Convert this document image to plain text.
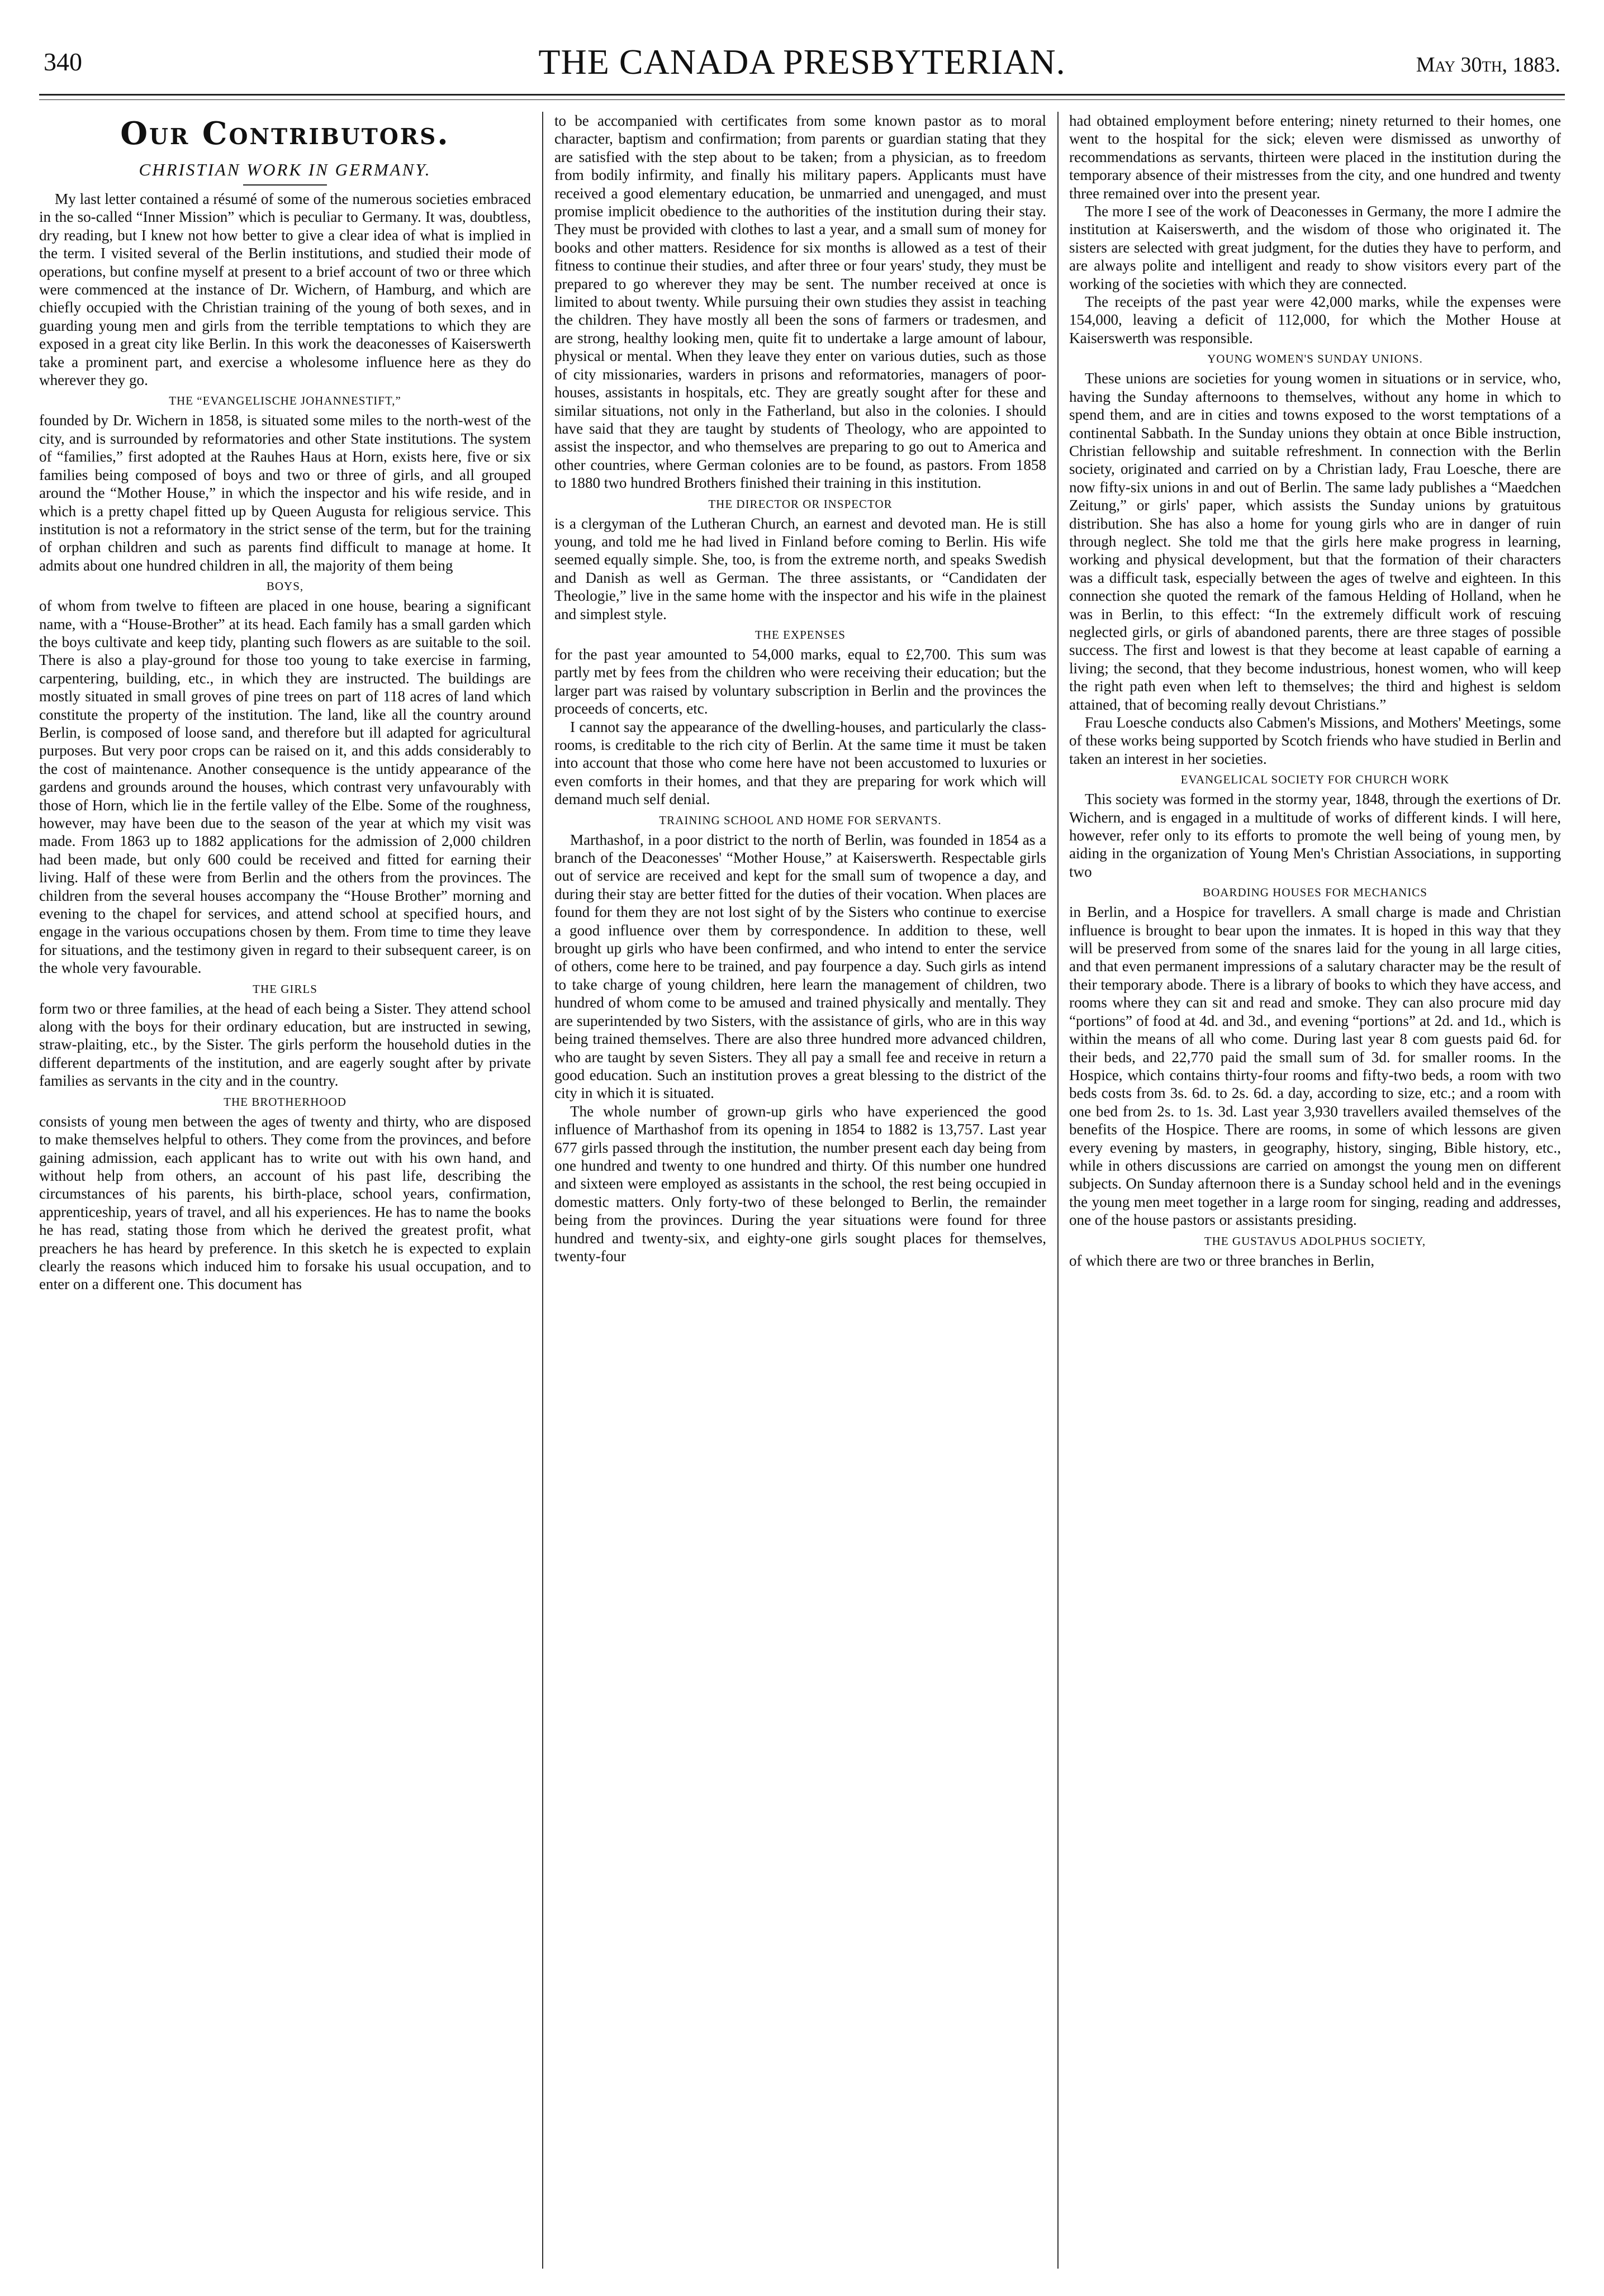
340	THE CANADA PRESBYTERIAN.	May 30th, 1883.
Our Contributors.
CHRISTIAN WORK IN GERMANY.

My last letter contained a résumé of some of the numerous societies embraced in the so-called “Inner Mission” which is peculiar to Germany. It was, doubtless, dry reading, but I knew not how better to give a clear idea of what is implied in the term. I visited several of the Berlin institutions, and studied their mode of operations, but confine myself at present to a brief account of two or three which were commenced at the instance of Dr. Wichern, of Hamburg, and which are chiefly occupied with the Christian training of the young of both sexes, and in guarding young men and girls from the terrible temptations to which they are exposed in a great city like Berlin. In this work the deaconesses of Kaiserswerth take a prominent part, and exercise a wholesome influence here as they do wherever they go.

THE “EVANGELISCHE JOHANNESTIFT,”

founded by Dr. Wichern in 1858, is situated some miles to the north-west of the city, and is surrounded by reformatories and other State institutions. The system of “families,” first adopted at the Rauhes Haus at Horn, exists here, five or six families being composed of boys and two or three of girls, and all grouped around the “Mother House,” in which the inspector and his wife reside, and in which is a pretty chapel fitted up by Queen Augusta for religious service. This institution is not a reformatory in the strict sense of the term, but for the training of orphan children and such as parents find difficult to manage at home. It admits about one hundred children in all, the majority of them being

BOYS,

of whom from twelve to fifteen are placed in one house, bearing a significant name, with a “House-Brother” at its head. Each family has a small garden which the boys cultivate and keep tidy, planting such flowers as are suitable to the soil. There is also a play-ground for those too young to take exercise in farming, carpentering, building, etc., in which they are instructed. The buildings are mostly situated in small groves of pine trees on part of 118 acres of land which constitute the property of the institution. The land, like all the country around Berlin, is composed of loose sand, and therefore but ill adapted for agricultural purposes. But very poor crops can be raised on it, and this adds considerably to the cost of maintenance. Another consequence is the untidy appearance of the gardens and grounds around the houses, which contrast very unfavourably with those of Horn, which lie in the fertile valley of the Elbe. Some of the roughness, however, may have been due to the season of the year at which my visit was made. From 1863 up to 1882 applications for the admission of 2,000 children had been made, but only 600 could be received and fitted for earning their living. Half of these were from Berlin and the others from the provinces. The children from the several houses accompany the “House Brother” morning and evening to the chapel for services, and attend school at specified hours, and engage in the various occupations chosen by them. From time to time they leave for situations, and the testimony given in regard to their subsequent career, is on the whole very favourable.

THE GIRLS

form two or three families, at the head of each being a Sister. They attend school along with the boys for their ordinary education, but are instructed in sewing, straw-plaiting, etc., by the Sister. The girls perform the household duties in the different departments of the institution, and are eagerly sought after by private families as servants in the city and in the country.

THE BROTHERHOOD

consists of young men between the ages of twenty and thirty, who are disposed to make themselves helpful to others. They come from the provinces, and before gaining admission, each applicant has to write out with his own hand, and without help from others, an account of his past life, describing the circumstances of his parents, his birth-place, school years, confirmation, apprenticeship, years of travel, and all his experiences. He has to name the books he has read, stating those from which he derived the greatest profit, what preachers he has heard by preference. In this sketch he is expected to explain clearly the reasons which induced him to forsake his usual occupation, and to enter on a different one. This document has

to be accompanied with certificates from some known pastor as to moral character, baptism and confirmation; from parents or guardian stating that they are satisfied with the step about to be taken; from a physician, as to freedom from bodily infirmity, and finally his military papers. Applicants must have received a good elementary education, be unmarried and unengaged, and must promise implicit obedience to the authorities of the institution during their stay. They must be provided with clothes to last a year, and a small sum of money for books and other matters. Residence for six months is allowed as a test of their fitness to continue their studies, and after three or four years' study, they must be prepared to go wherever they may be sent. The number received at once is limited to about twenty. While pursuing their own studies they assist in teaching the children. They have mostly all been the sons of farmers or tradesmen, and are strong, healthy looking men, quite fit to undertake a large amount of labour, physical or mental. When they leave they enter on various duties, such as those of city missionaries, warders in prisons and reformatories, managers of poor-houses, assistants in hospitals, etc. They are greatly sought after for these and similar situations, not only in the Fatherland, but also in the colonies. I should have said that they are taught by students of Theology, who are appointed to assist the inspector, and who themselves are preparing to go out to America and other countries, where German colonies are to be found, as pastors. From 1858 to 1880 two hundred Brothers finished their training in this institution.

THE DIRECTOR OR INSPECTOR

is a clergyman of the Lutheran Church, an earnest and devoted man. He is still young, and told me he had lived in Finland before coming to Berlin. His wife seemed equally simple. She, too, is from the extreme north, and speaks Swedish and Danish as well as German. The three assistants, or “Candidaten der Theologie,” live in the same home with the inspector and his wife in the plainest and simplest style.

THE EXPENSES

for the past year amounted to 54,000 marks, equal to £2,700. This sum was partly met by fees from the children who were receiving their education; but the larger part was raised by voluntary subscription in Berlin and the provinces the proceeds of concerts, etc.

I cannot say the appearance of the dwelling-houses, and particularly the class-rooms, is creditable to the rich city of Berlin. At the same time it must be taken into account that those who come here have not been accustomed to luxuries or even comforts in their homes, and that they are preparing for work which will demand much self denial.

TRAINING SCHOOL AND HOME FOR SERVANTS.

Marthashof, in a poor district to the north of Berlin, was founded in 1854 as a branch of the Deaconesses' “Mother House,” at Kaiserswerth. Respectable girls out of service are received and kept for the small sum of twopence a day, and during their stay are better fitted for the duties of their vocation. When places are found for them they are not lost sight of by the Sisters who continue to exercise a good influence over them by correspondence. In addition to these, well brought up girls who have been confirmed, and who intend to enter the service of others, come here to be trained, and pay fourpence a day. Such girls as intend to take charge of young children, here learn the management of children, two hundred of whom come to be amused and trained physically and mentally. They are superintended by two Sisters, with the assistance of girls, who are in this way being trained themselves. There are also three hundred more advanced children, who are taught by seven Sisters. They all pay a small fee and receive in return a good education. Such an institution proves a great blessing to the district of the city in which it is situated.

The whole number of grown-up girls who have experienced the good influence of Marthashof from its opening in 1854 to 1882 is 13,757. Last year 677 girls passed through the institution, the number present each day being from one hundred and twenty to one hundred and thirty. Of this number one hundred and sixteen were employed as assistants in the school, the rest being occupied in domestic matters. Only forty-two of these belonged to Berlin, the remainder being from the provinces. During the year situations were found for three hundred and twenty-six, and eighty-one girls sought places for themselves, twenty-four

had obtained employment before entering; ninety returned to their homes, one went to the hospital for the sick; eleven were dismissed as unworthy of recommendations as servants, thirteen were placed in the institution during the temporary absence of their mistresses from the city, and one hundred and twenty three remained over into the present year.

The more I see of the work of Deaconesses in Germany, the more I admire the institution at Kaiserswerth, and the wisdom of those who originated it. The sisters are selected with great judgment, for the duties they have to perform, and are always polite and intelligent and ready to show visitors every part of the working of the societies with which they are connected.

The receipts of the past year were 42,000 marks, while the expenses were 154,000, leaving a deficit of 112,000, for which the Mother House at Kaiserswerth was responsible.

YOUNG WOMEN'S SUNDAY UNIONS.

These unions are societies for young women in situations or in service, who, having the Sunday afternoons to themselves, without any home in which to spend them, and are in cities and towns exposed to the worst temptations of a continental Sabbath. In the Sunday unions they obtain at once Bible instruction, Christian fellowship and suitable refreshment. In connection with the Berlin society, originated and carried on by a Christian lady, Frau Loesche, there are now fifty-six unions in and out of Berlin. The same lady publishes a “Maedchen Zeitung,” or girls' paper, which assists the Sunday unions by gratuitous distribution. She has also a home for young girls who are in danger of ruin through neglect. She told me that the girls here make progress in learning, working and physical development, but that the formation of their characters was a difficult task, especially between the ages of twelve and eighteen. In this connection she quoted the remark of the famous Helding of Holland, when he was in Berlin, to this effect: “In the extremely difficult work of rescuing neglected girls, or girls of abandoned parents, there are three stages of possible success. The first and lowest is that they become at least capable of earning a living; the second, that they become industrious, honest women, who will keep the right path even when left to themselves; the third and highest is seldom attained, that of becoming really devout Christians.”

Frau Loesche conducts also Cabmen's Missions, and Mothers' Meetings, some of these works being supported by Scotch friends who have studied in Berlin and taken an interest in her societies.

EVANGELICAL SOCIETY FOR CHURCH WORK

This society was formed in the stormy year, 1848, through the exertions of Dr. Wichern, and is engaged in a multitude of works of different kinds. I will here, however, refer only to its efforts to promote the well being of young men, by aiding in the organization of Young Men's Christian Associations, in supporting two

BOARDING HOUSES FOR MECHANICS

in Berlin, and a Hospice for travellers. A small charge is made and Christian influence is brought to bear upon the inmates. It is hoped in this way that they will be preserved from some of the snares laid for the young in all large cities, and that even permanent impressions of a salutary character may be the result of their temporary abode. There is a library of books to which they have access, and rooms where they can sit and read and smoke. They can also procure mid day “portions” of food at 4d. and 3d., and evening “portions” at 2d. and 1d., which is within the means of all who come. During last year 8 com guests paid 6d. for their beds, and 22,770 paid the small sum of 3d. for smaller rooms. In the Hospice, which contains thirty-four rooms and fifty-two beds, a room with two beds costs from 3s. 6d. to 2s. 6d. a day, according to size, etc.; and a room with one bed from 2s. to 1s. 3d. Last year 3,930 travellers availed themselves of the benefits of the Hospice. There are rooms, in some of which lessons are given every evening by masters, in geography, history, singing, Bible history, etc., while in others discussions are carried on amongst the young men on different subjects. On Sunday afternoon there is a Sunday school held and in the evenings the young men meet together in a large room for singing, reading and addresses, one of the house pastors or assistants presiding.

THE GUSTAVUS ADOLPHUS SOCIETY,

of which there are two or three branches in Berlin,
